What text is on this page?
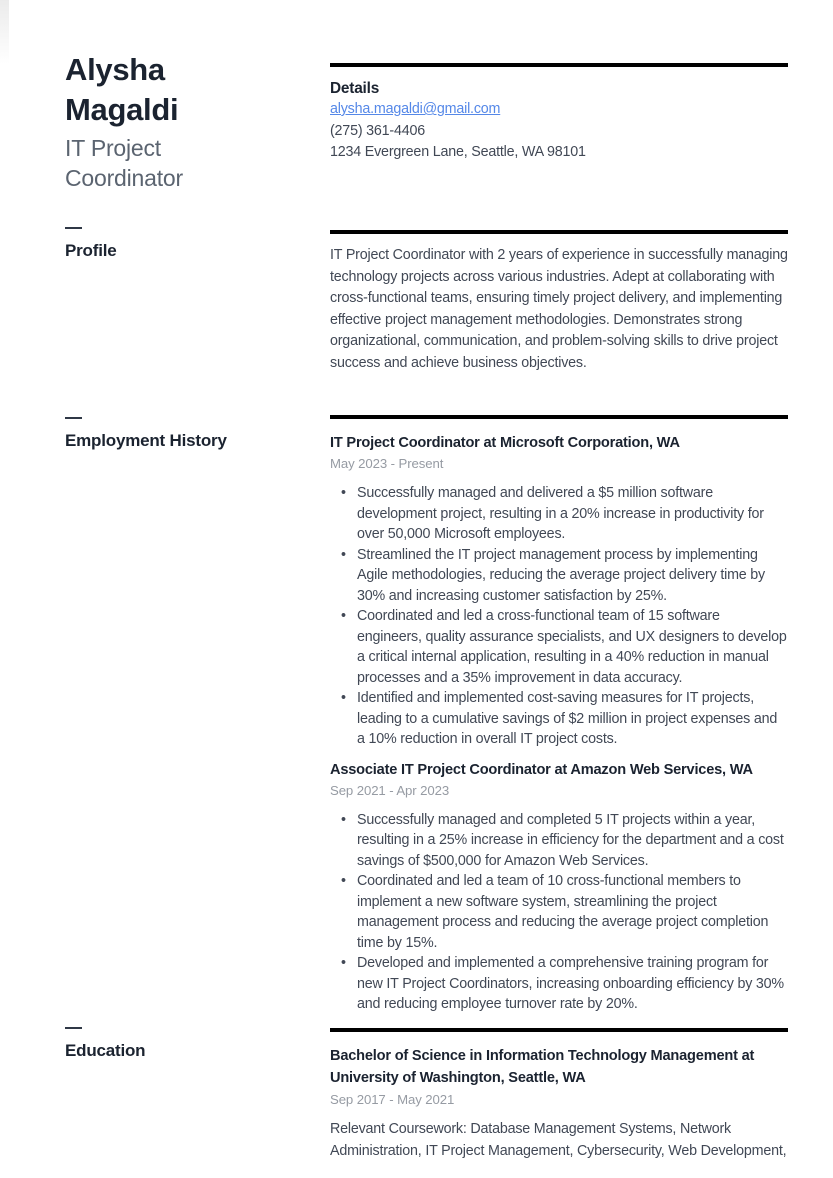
Alysha Magaldi
IT Project Coordinator
Profile
Employment History
Education
Details
alysha.magaldi@gmail.com
(275) 361-4406
1234 Evergreen Lane, Seattle, WA 98101

IT Project Coordinator with 2 years of experience in successfully managing technology projects across various industries. Adept at collaborating with cross-functional teams, ensuring timely project delivery, and implementing effective project management methodologies. Demonstrates strong organizational, communication, and problem-solving skills to drive project success and achieve business objectives.

IT Project Coordinator at Microsoft Corporation, WA
May 2023 - Present
• Successfully managed and delivered a $5 million software development project, resulting in a 20% increase in productivity for over 50,000 Microsoft employees.
• Streamlined the IT project management process by implementing Agile methodologies, reducing the average project delivery time by 30% and increasing customer satisfaction by 25%.
• Coordinated and led a cross-functional team of 15 software engineers, quality assurance specialists, and UX designers to develop a critical internal application, resulting in a 40% reduction in manual processes and a 35% improvement in data accuracy.
• Identified and implemented cost-saving measures for IT projects, leading to a cumulative savings of $2 million in project expenses and a 10% reduction in overall IT project costs.
Associate IT Project Coordinator at Amazon Web Services, WA
Sep 2021 - Apr 2023
• Successfully managed and completed 5 IT projects within a year, resulting in a 25% increase in efficiency for the department and a cost savings of $500,000 for Amazon Web Services.
• Coordinated and led a team of 10 cross-functional members to implement a new software system, streamlining the project management process and reducing the average project completion time by 15%.
• Developed and implemented a comprehensive training program for new IT Project Coordinators, increasing onboarding efficiency by 30% and reducing employee turnover rate by 20%.
Bachelor of Science in Information Technology Management at University of Washington, Seattle, WA
Sep 2017 - May 2021

Relevant Coursework: Database Management Systems, Network Administration, IT Project Management, Cybersecurity, Web Development,
